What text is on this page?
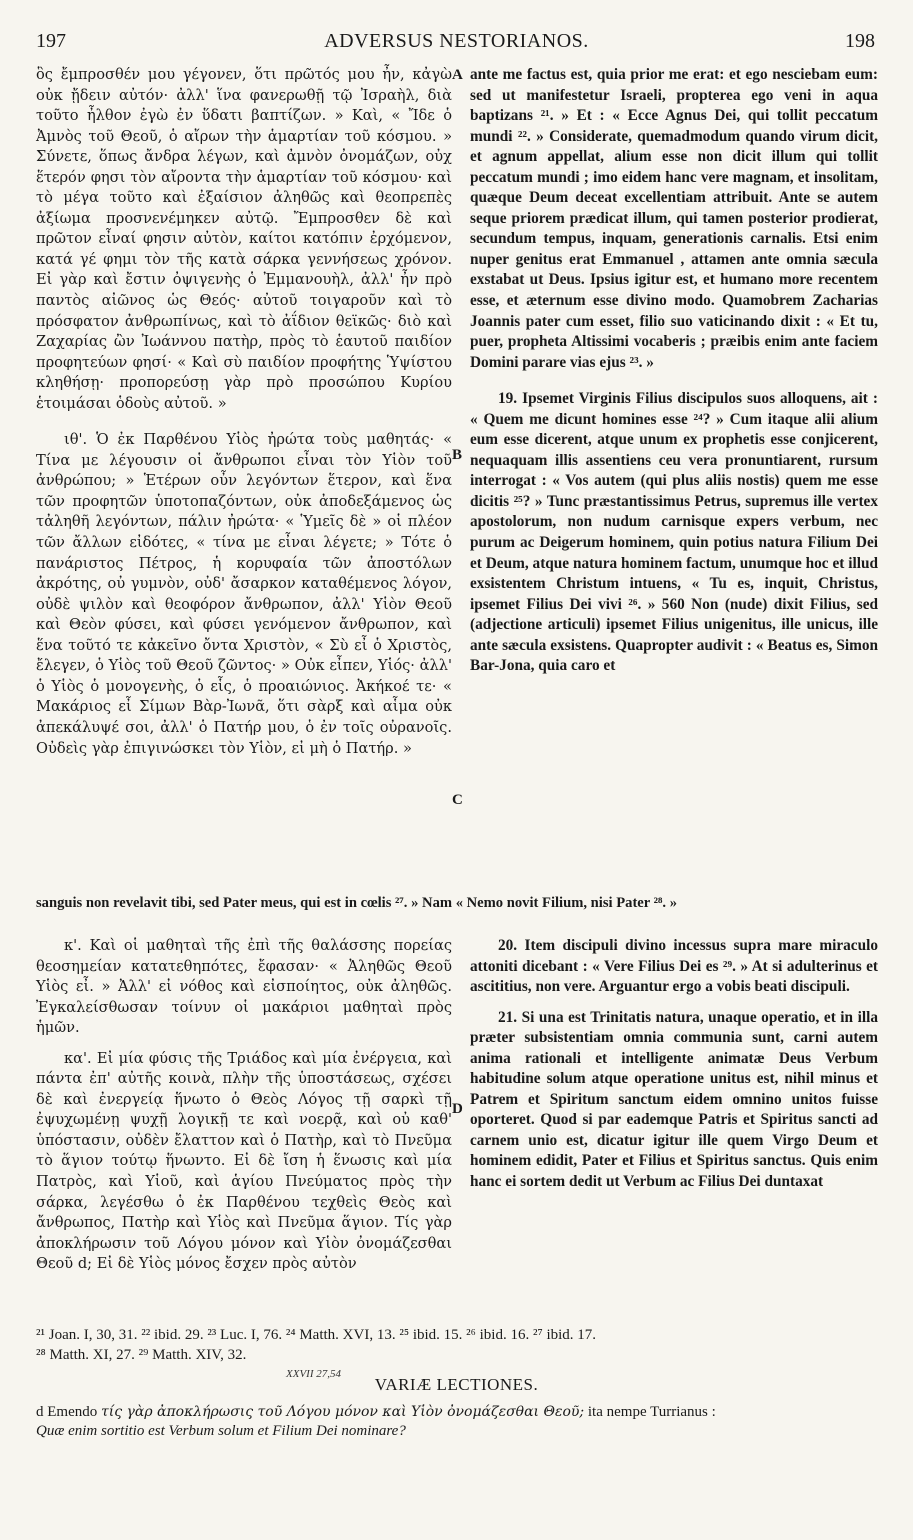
197	ADVERSUS NESTORIANOS.	198

ὃς ἔμπροσθέν μου γέγονεν, ὅτι πρῶτός μου ἦν, κἀγὼ οὐκ ᾔδειν αὐτόν· ἀλλ' ἵνα φανερωθῇ τῷ Ἰσραὴλ, διὰ τοῦτο ἦλθον ἐγὼ ἐν ὕδατι βαπτίζων. » Καὶ, « Ἴδε ὁ Ἀμνὸς τοῦ Θεοῦ, ὁ αἴρων τὴν ἁμαρτίαν τοῦ κόσμου. » Σύνετε, ὅπως ἄνδρα λέγων, καὶ ἀμνὸν ὀνομάζων, οὐχ ἕτερόν φησι τὸν αἴροντα τὴν ἁμαρτίαν τοῦ κόσμου· καὶ τὸ μέγα τοῦτο καὶ ἐξαίσιον ἀληθῶς καὶ θεοπρεπὲς ἀξίωμα προσνενέμηκεν αὐτῷ. Ἔμπροσθεν δὲ καὶ πρῶτον εἶναί φησιν αὐτὸν, καίτοι κατόπιν ἐρχόμενον, κατά γέ φημι τὸν τῆς κατὰ σάρκα γεννήσεως χρόνον. Εἰ γὰρ καὶ ἔστιν ὀψιγενὴς ὁ Ἐμμανουὴλ, ἀλλ' ἦν πρὸ παντὸς αἰῶνος ὡς Θεός· αὐτοῦ τοιγαροῦν καὶ τὸ πρόσφατον ἀνθρωπίνως, καὶ τὸ ἀΐδιον θεϊκῶς· διὸ καὶ Ζαχαρίας ὢν Ἰωάννου πατὴρ, πρὸς τὸ ἑαυτοῦ παιδίον προφητεύων φησί· « Καὶ σὺ παιδίον προφήτης Ὑψίστου κληθήσῃ· προπορεύσῃ γὰρ πρὸ προσώπου Κυρίου ἑτοιμάσαι ὁδοὺς αὐτοῦ. »

ιθ'. Ὁ ἐκ Παρθένου Υἱὸς ἠρώτα τοὺς μαθητάς· « Τίνα με λέγουσιν οἱ ἄνθρωποι εἶναι τὸν Υἱὸν τοῦ ἀνθρώπου; » Ἑτέρων οὖν λεγόντων ἕτερον, καὶ ἕνα τῶν προφητῶν ὑποτοπαζόντων, οὐκ ἀποδεξάμενος ὡς τἀληθῆ λεγόντων, πάλιν ἠρώτα· « Ὑμεῖς δὲ » οἱ πλέον τῶν ἄλλων εἰδότες, « τίνα με εἶναι λέγετε; » Τότε ὁ πανάριστος Πέτρος, ἡ κορυφαία τῶν ἀποστόλων ἀκρότης, οὐ γυμνὸν, οὐδ' ἄσαρκον καταθέμενος λόγον, οὐδὲ ψιλὸν καὶ θεοφόρον ἄνθρωπον, ἀλλ' Υἱὸν Θεοῦ καὶ Θεὸν φύσει, καὶ φύσει γενόμενον ἄνθρωπον, καὶ ἕνα τοῦτό τε κἀκεῖνο ὄντα Χριστὸν, « Σὺ εἶ ὁ Χριστὸς, ἔλεγεν, ὁ Υἱὸς τοῦ Θεοῦ ζῶντος· » Οὐκ εἶπεν, Υἱός· ἀλλ' ὁ Υἱὸς ὁ μονογενὴς, ὁ εἷς, ὁ προαιώνιος. Ἀκήκοέ τε· « Μακάριος εἶ Σίμων Βὰρ-Ἰωνᾶ, ὅτι σὰρξ καὶ αἷμα οὐκ ἀπεκάλυψέ σοι, ἀλλ' ὁ Πατήρ μου, ὁ ἐν τοῖς οὐρανοῖς. Οὐδεὶς γὰρ ἐπιγινώσκει τὸν Υἱὸν, εἰ μὴ ὁ Πατήρ. »

ante me factus est, quia prior me erat: et ego nesciebam eum: sed ut manifestetur Israeli, propterea ego veni in aqua baptizans ²¹. » Et : « Ecce Agnus Dei, qui tollit peccatum mundi ²². » Considerate, quemadmodum quando virum dicit, et agnum appellat, alium esse non dicit illum qui tollit peccatum mundi ; imo eidem hanc vere magnam, et insolitam, quæque Deum deceat excellentiam attribuit. Ante se autem seque priorem prædicat illum, qui tamen posterior prodierat, secundum tempus, inquam, generationis carnalis. Etsi enim nuper genitus erat Emmanuel , attamen ante omnia sæcula exstabat ut Deus. Ipsius igitur est, et humano more recentem esse, et æternum esse divino modo. Quamobrem Zacharias Joannis pater cum esset, filio suo vaticinando dixit : « Et tu, puer, propheta Altissimi vocaberis ; præibis enim ante faciem Domini parare vias ejus ²³. »

19. Ipsemet Virginis Filius discipulos suos alloquens, ait : « Quem me dicunt homines esse ²⁴? » Cum itaque alii alium eum esse dicerent, atque unum ex prophetis esse conjicerent, nequaquam illis assentiens ceu vera pronuntiarent, rursum interrogat : « Vos autem (qui plus aliis nostis) quem me esse dicitis ²⁵? » Tunc præstantissimus Petrus, supremus ille vertex apostolorum, non nudum carnisque expers verbum, nec purum ac Deigerum hominem, quin potius natura Filium Dei et Deum, atque natura hominem factum, unumque hoc et illud exsistentem Christum intuens, « Tu es, inquit, Christus, ipsemet Filius Dei vivi ²⁶. » 560 Non (nude) dixit Filius, sed (adjectione articuli) ipsemet Filius unigenitus, ille unicus, ille ante sæcula exsistens. Quapropter audivit : « Beatus es, Simon Bar-Jona, quia caro et

A
B
C
D
sanguis non revelavit tibi, sed Pater meus, qui est in cœlis ²⁷. » Nam « Nemo novit Filium, nisi Pater ²⁸. »

κ'. Καὶ οἱ μαθηταὶ τῆς ἐπὶ τῆς θαλάσσης πορείας θεοσημείαν κατατεθηπότες, ἔφασαν· « Ἀληθῶς Θεοῦ Υἱὸς εἶ. » Ἀλλ' εἰ νόθος καὶ εἰσποίητος, οὐκ ἀληθῶς. Ἐγκαλείσθωσαν τοίνυν οἱ μακάριοι μαθηταὶ πρὸς ἡμῶν.

κα'. Εἰ μία φύσις τῆς Τριάδος καὶ μία ἐνέργεια, καὶ πάντα ἐπ' αὐτῆς κοινὰ, πλὴν τῆς ὑποστάσεως, σχέσει δὲ καὶ ἐνεργείᾳ ἥνωτο ὁ Θεὸς Λόγος τῇ σαρκὶ τῇ ἐψυχωμένῃ ψυχῇ λογικῇ τε καὶ νοερᾷ, καὶ οὐ καθ' ὑπόστασιν, οὐδὲν ἔλαττον καὶ ὁ Πατὴρ, καὶ τὸ Πνεῦμα τὸ ἅγιον τούτῳ ἥνωντο. Εἰ δὲ ἴση ἡ ἕνωσις καὶ μία Πατρὸς, καὶ Υἱοῦ, καὶ ἁγίου Πνεύματος πρὸς τὴν σάρκα, λεγέσθω ὁ ἐκ Παρθένου τεχθεὶς Θεὸς καὶ ἄνθρωπος, Πατὴρ καὶ Υἱὸς καὶ Πνεῦμα ἅγιον. Τίς γὰρ ἀποκλήρωσιν τοῦ Λόγου μόνον καὶ Υἱὸν ὀνομάζεσθαι Θεοῦ d; Εἰ δὲ Υἱὸς μόνος ἔσχεν πρὸς αὐτὸν

20. Item discipuli divino incessus supra mare miraculo attoniti dicebant : « Vere Filius Dei es ²⁹. » At si adulterinus et ascititius, non vere. Arguantur ergo a vobis beati discipuli.

21. Si una est Trinitatis natura, unaque operatio, et in illa præter subsistentiam omnia communia sunt, carni autem anima rationali et intelligente animatæ Deus Verbum habitudine solum atque operatione unitus est, nihil minus et Patrem et Spiritum sanctum eidem omnino unitos fuisse oporteret. Quod si par eademque Patris et Spiritus sancti ad carnem unio est, dicatur igitur ille quem Virgo Deum et hominem edidit, Pater et Filius et Spiritus sanctus. Quis enim hanc ei sortem dedit ut Verbum ac Filius Dei duntaxat

²¹ Joan. I, 30, 31. ²² ibid. 29. ²³ Luc. I, 76. ²⁴ Matth. XVI, 13. ²⁵ ibid. 15. ²⁶ ibid. 16. ²⁷ ibid. 17.
²⁸ Matth. XI, 27. ²⁹ Matth. XIV, 32.
XXVII 27,54
VARIÆ LECTIONES.
d Emendo τίς γὰρ ἀποκλήρωσις τοῦ Λόγου μόνον καὶ Υἱὸν ὀνομάζεσθαι Θεοῦ; ita nempe Turrianus :
Quæ enim sortitio est Verbum solum et Filium Dei nominare?
